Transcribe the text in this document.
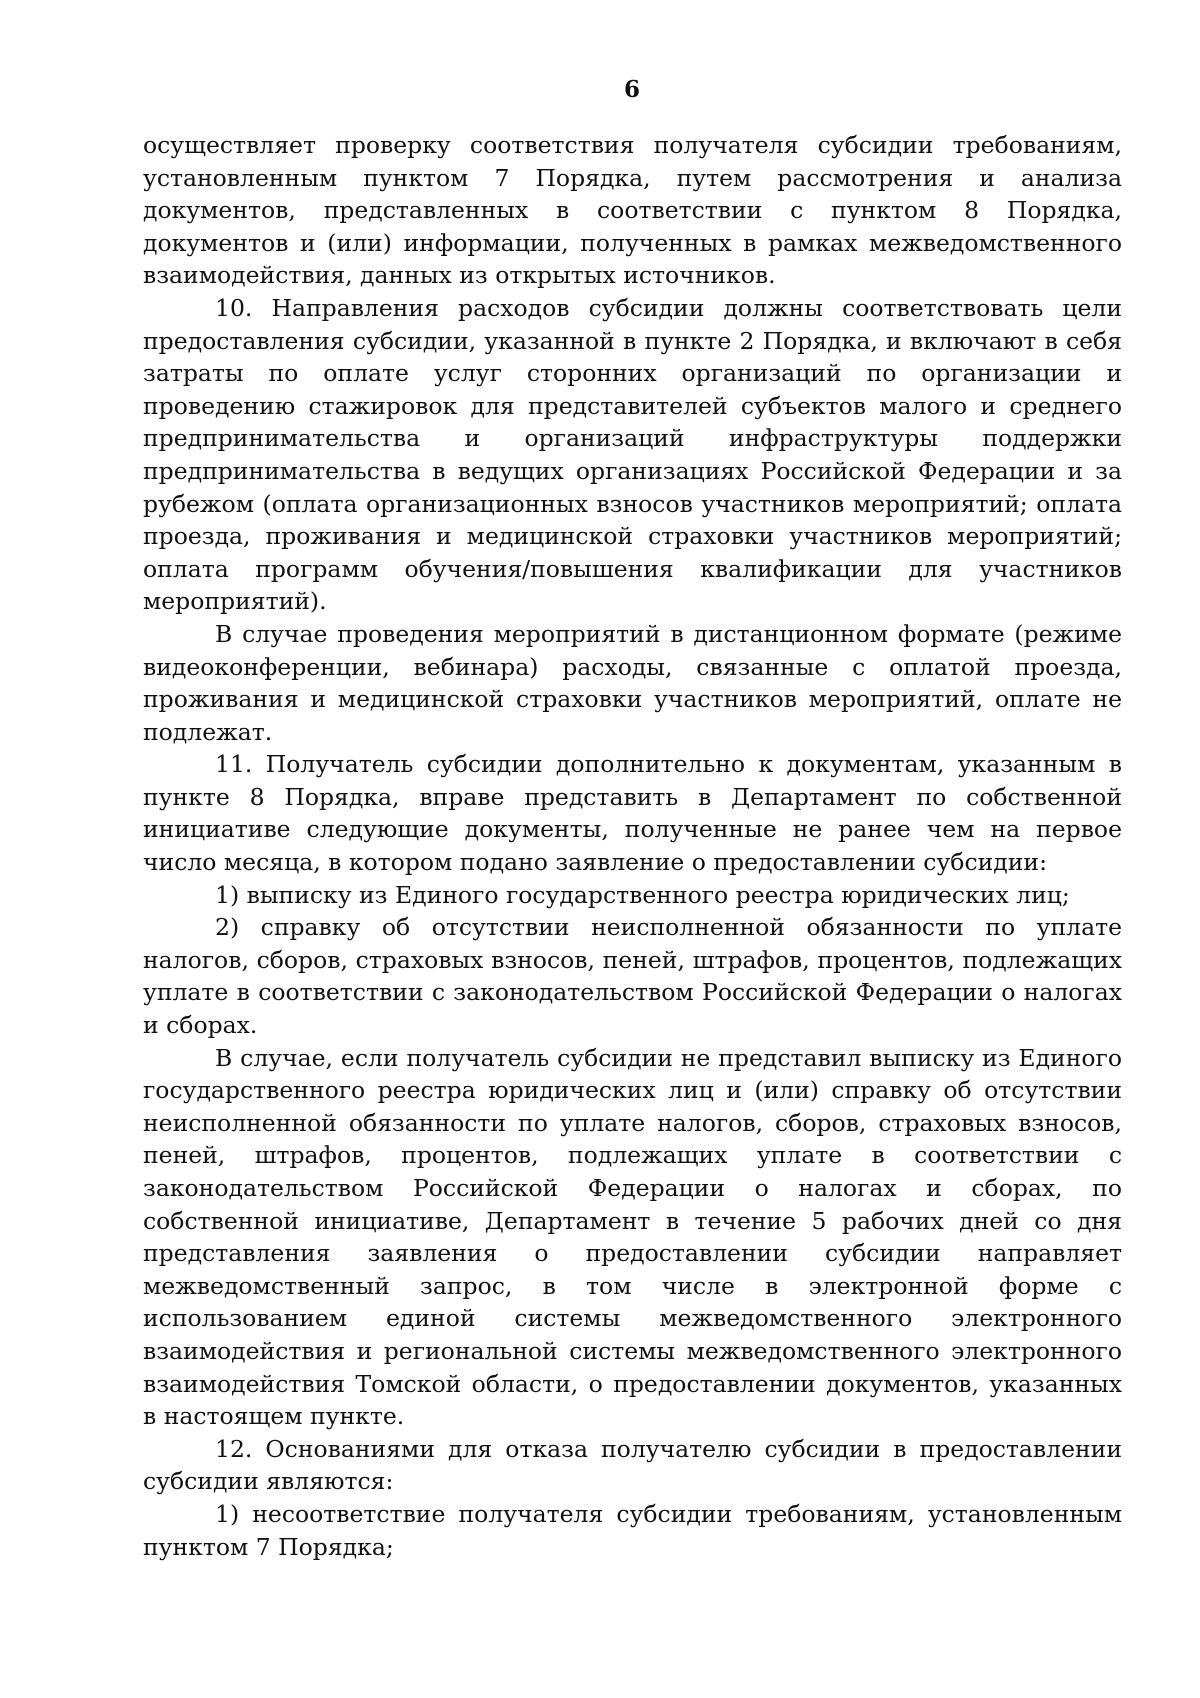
6

осуществляет проверку соответствия получателя субсидии требованиям, установленным пунктом 7 Порядка, путем рассмотрения и анализа документов, представленных в соответствии с пунктом 8 Порядка, документов и (или) информации, полученных в рамках межведомственного взаимодействия, данных из открытых источников.

10. Направления расходов субсидии должны соответствовать цели предоставления субсидии, указанной в пункте 2 Порядка, и включают в себя затраты по оплате услуг сторонних организаций по организации и проведению стажировок для представителей субъектов малого и среднего предпринимательства и организаций инфраструктуры поддержки предпринимательства в ведущих организациях Российской Федерации и за рубежом (оплата организационных взносов участников мероприятий; оплата проезда, проживания и медицинской страховки участников мероприятий; оплата программ обучения/повышения квалификации для участников мероприятий).

В случае проведения мероприятий в дистанционном формате (режиме видеоконференции, вебинара) расходы, связанные с оплатой проезда, проживания и медицинской страховки участников мероприятий, оплате не подлежат.

11. Получатель субсидии дополнительно к документам, указанным в пункте 8 Порядка, вправе представить в Департамент по собственной инициативе следующие документы, полученные не ранее чем на первое число месяца, в котором подано заявление о предоставлении субсидии:

1) выписку из Единого государственного реестра юридических лиц;

2) справку об отсутствии неисполненной обязанности по уплате налогов, сборов, страховых взносов, пеней, штрафов, процентов, подлежащих уплате в соответствии с законодательством Российской Федерации о налогах и сборах.

В случае, если получатель субсидии не представил выписку из Единого государственного реестра юридических лиц и (или) справку об отсутствии неисполненной обязанности по уплате налогов, сборов, страховых взносов, пеней, штрафов, процентов, подлежащих уплате в соответствии с законодательством Российской Федерации о налогах и сборах, по собственной инициативе, Департамент в течение 5 рабочих дней со дня представления заявления о предоставлении субсидии направляет межведомственный запрос, в том числе в электронной форме с использованием единой системы межведомственного электронного взаимодействия и региональной системы межведомственного электронного взаимодействия Томской области, о предоставлении документов, указанных в настоящем пункте.

12. Основаниями для отказа получателю субсидии в предоставлении субсидии являются:

1) несоответствие получателя субсидии требованиям, установленным пунктом 7 Порядка;
